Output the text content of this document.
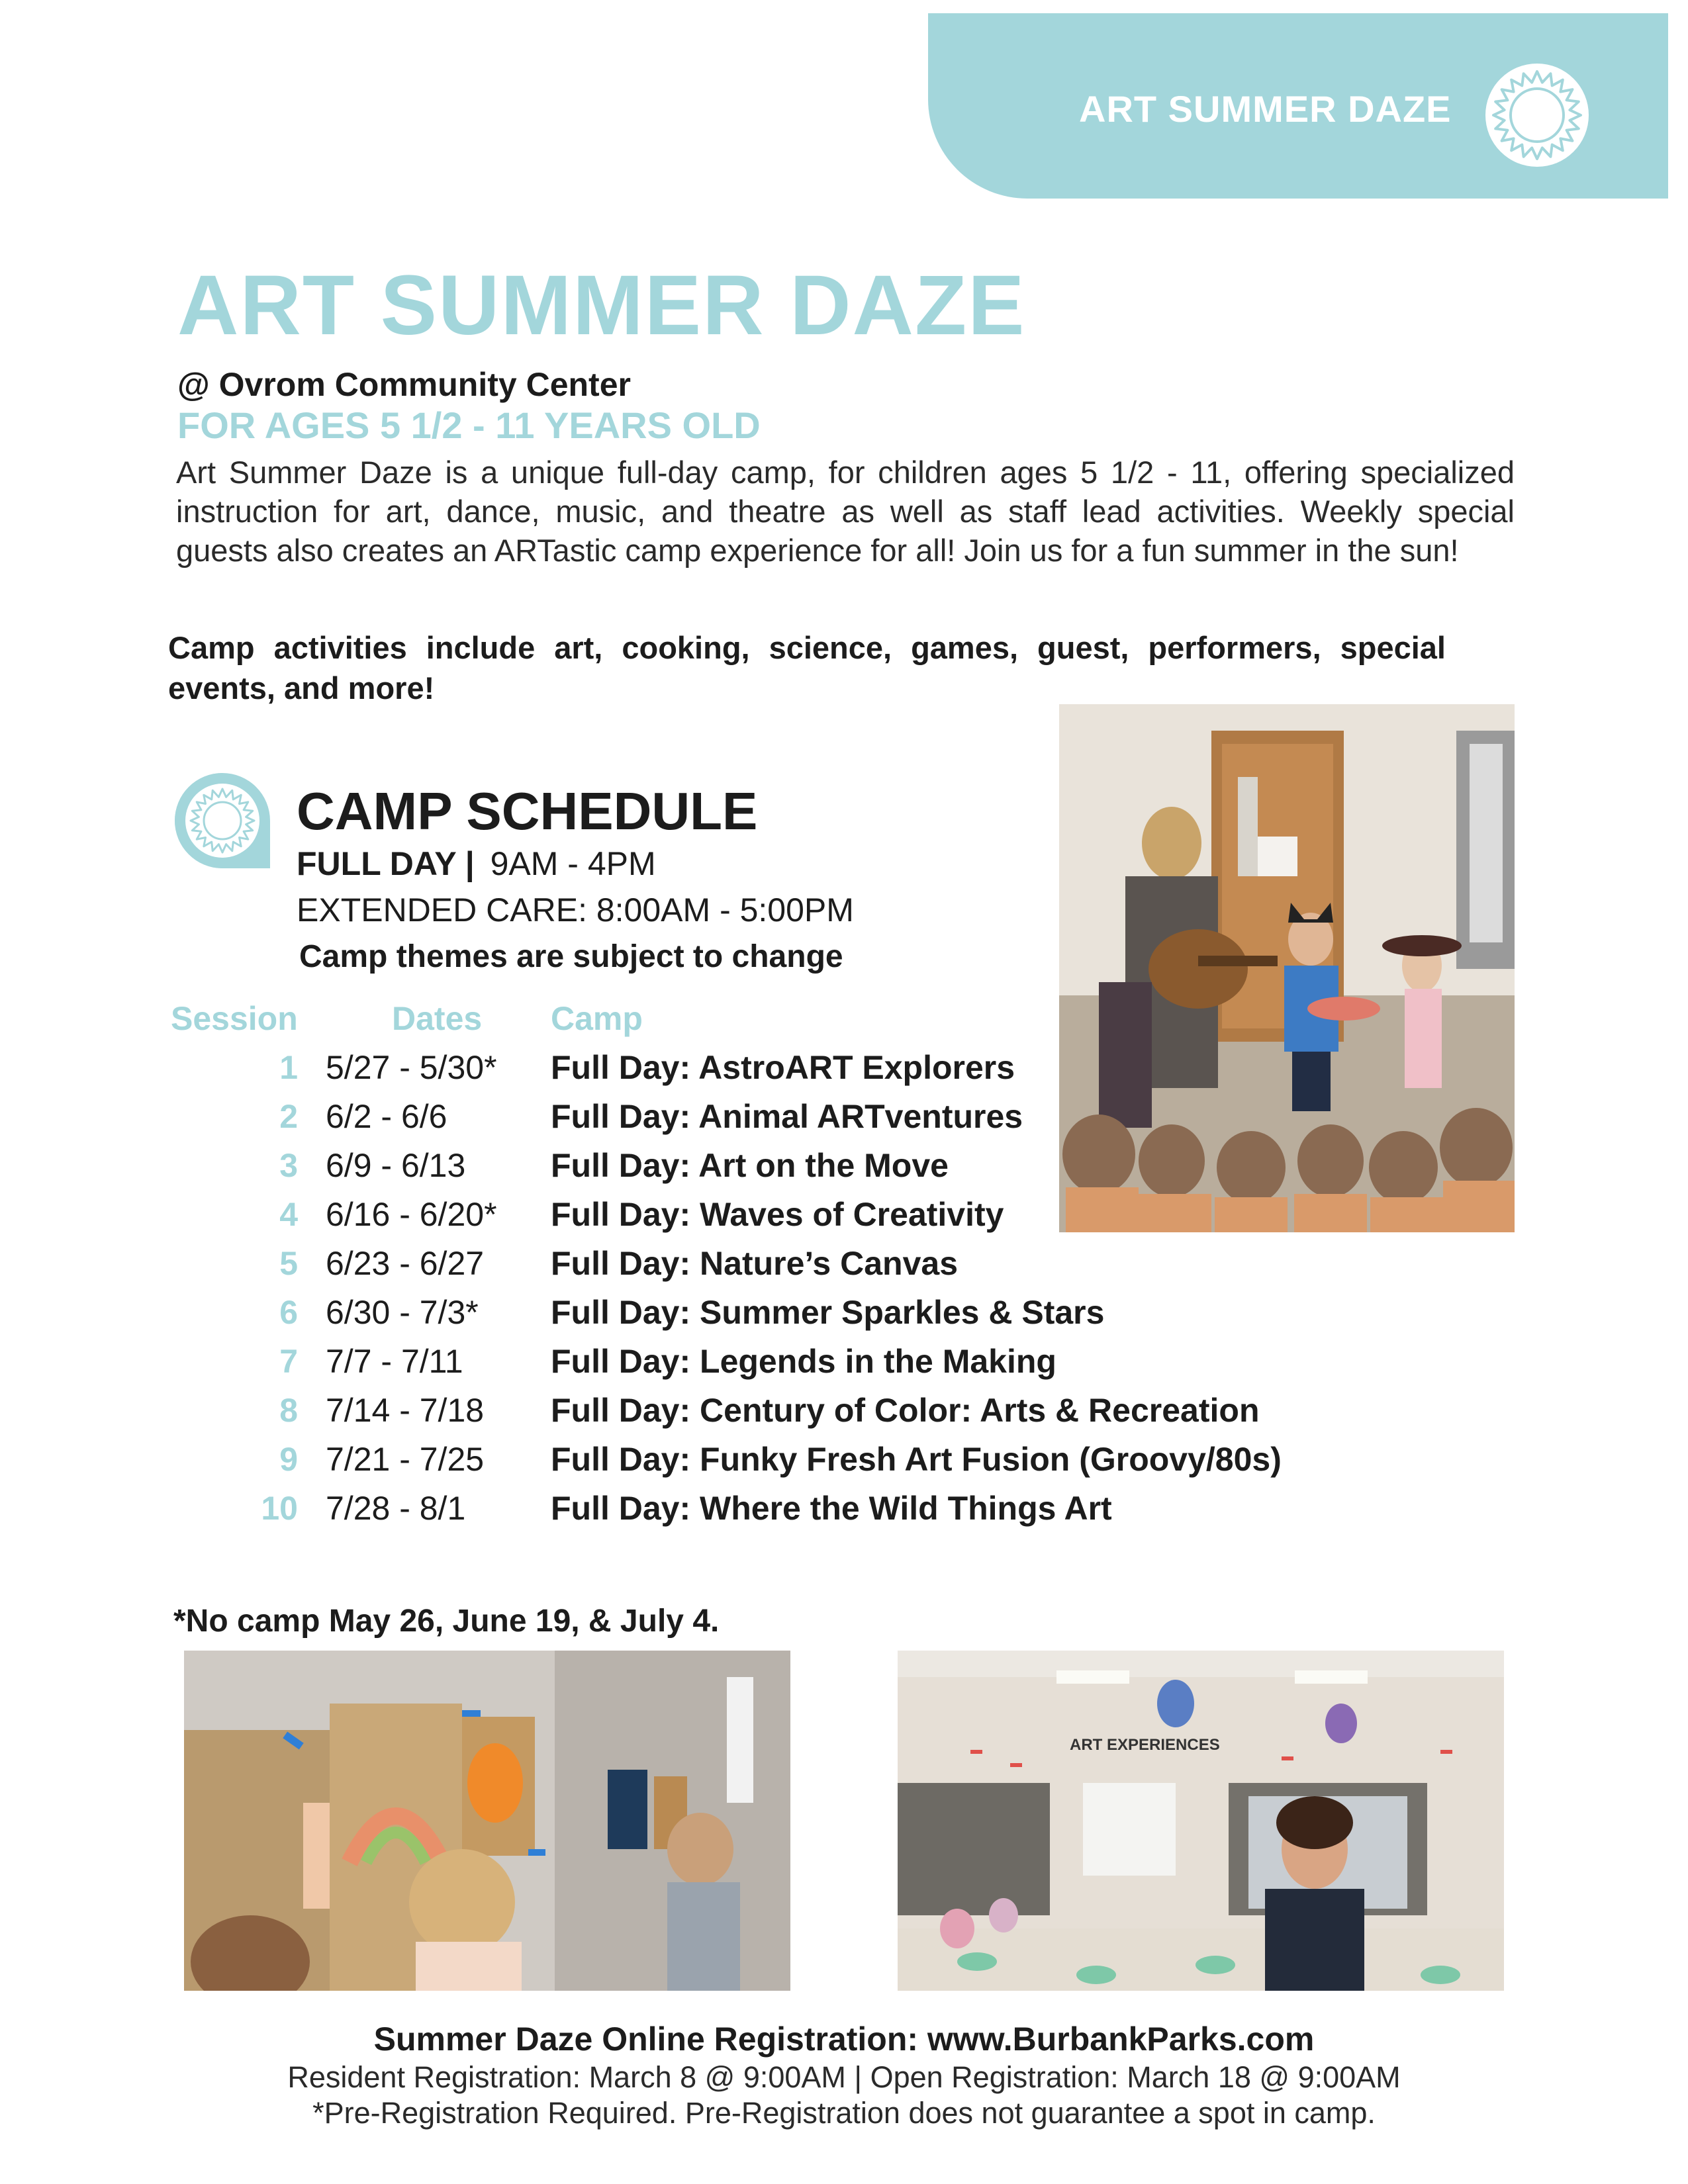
ART SUMMER DAZE
ART SUMMER DAZE
@ Ovrom Community Center
FOR AGES 5 1/2 - 11 YEARS OLD
Art Summer Daze is a unique full-day camp, for children ages 5 1/2 - 11, offering specialized instruction for art, dance, music, and theatre as well as staff lead activities. Weekly special guests also creates an ARTastic camp experience for all! Join us for a fun summer in the sun!
Camp activities include art, cooking, science, games, guest, performers, special events, and more!
CAMP SCHEDULE
FULL DAY | 9AM - 4PM
EXTENDED CARE: 8:00AM - 5:00PM
Camp themes are subject to change
Session	Dates Camp
1 5/27 - 5/30* Full Day: AstroART Explorers
2 6/2 - 6/6	Full Day: Animal ARTventures
3 6/9 - 6/13	Full Day: Art on the Move
4 6/16 - 6/20* Full Day: Waves of Creativity
5 6/23 - 6/27 Full Day: Nature’s Canvas
6 6/30 - 7/3* Full Day: Summer Sparkles & Stars
7 7/7 - 7/11	Full Day: Legends in the Making
8 7/14 - 7/18 Full Day: Century of Color: Arts & Recreation
9 7/21 - 7/25 Full Day: Funky Fresh Art Fusion (Groovy/80s)
10 7/28 - 8/1	Full Day: Where the Wild Things Art
*No camp May 26, June 19, & July 4.
ART EXPERIENCES
Summer Daze Online Registration: www.BurbankParks.com
Resident Registration: March 8 @ 9:00AM | Open Registration: March 18 @ 9:00AM
*Pre-Registration Required. Pre-Registration does not guarantee a spot in camp.
